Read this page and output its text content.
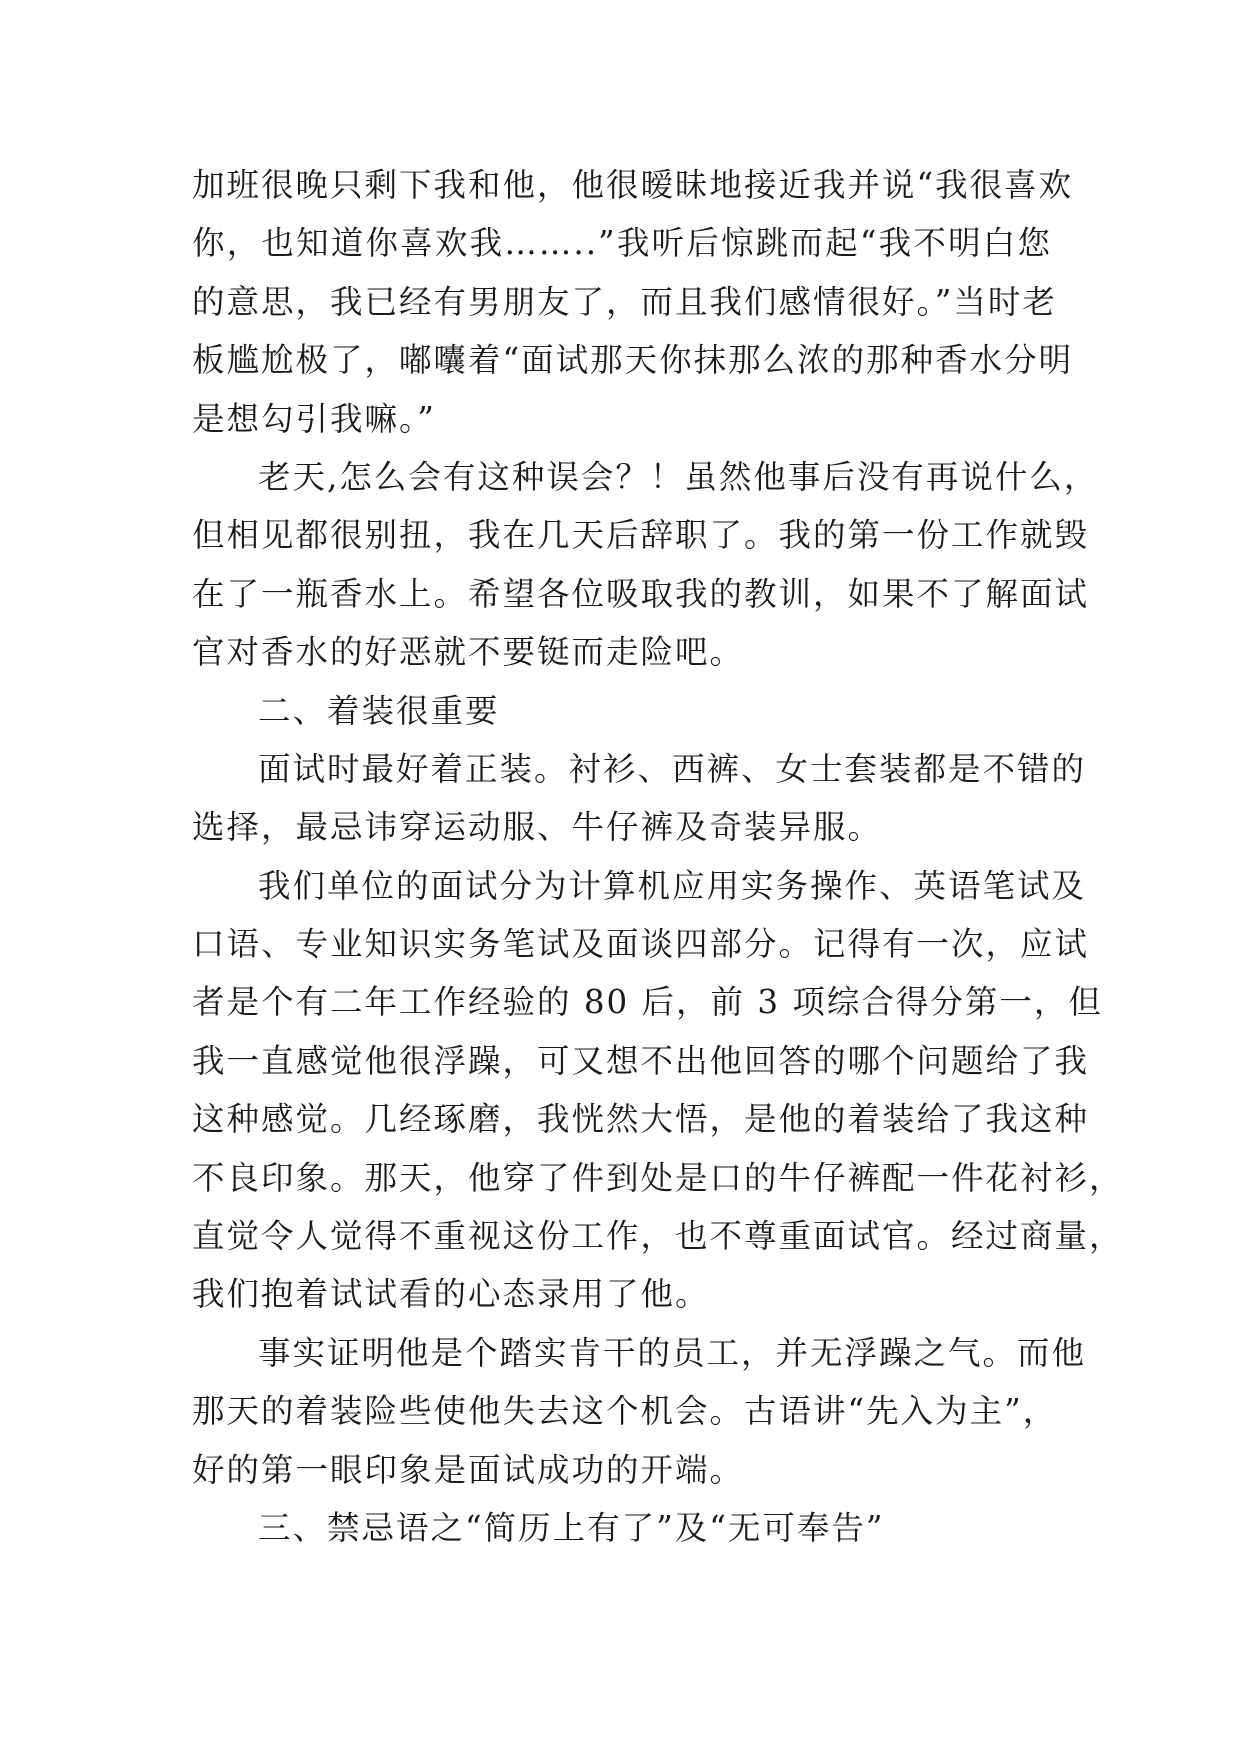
加班很晚只剩下我和他，他很暧昧地接近我并说“我很喜欢
你，也知道你喜欢我……..”我听后惊跳而起“我不明白您
的意思，我已经有男朋友了，而且我们感情很好。”当时老
板尴尬极了，嘟囔着“面试那天你抹那么浓的那种香水分明
是想勾引我嘛。”
老天,怎么会有这种误会？！虽然他事后没有再说什么，
但相见都很别扭，我在几天后辞职了。我的第一份工作就毁
在了一瓶香水上。希望各位吸取我的教训，如果不了解面试
官对香水的好恶就不要铤而走险吧。
二、着装很重要
面试时最好着正装。衬衫、西裤、女士套装都是不错的
选择，最忌讳穿运动服、牛仔裤及奇装异服。
我们单位的面试分为计算机应用实务操作、英语笔试及
口语、专业知识实务笔试及面谈四部分。记得有一次，应试
者是个有二年工作经验的 80 后，前 3 项综合得分第一，但
我一直感觉他很浮躁，可又想不出他回答的哪个问题给了我
这种感觉。几经琢磨，我恍然大悟，是他的着装给了我这种
不良印象。那天，他穿了件到处是口的牛仔裤配一件花衬衫，
直觉令人觉得不重视这份工作，也不尊重面试官。经过商量，
我们抱着试试看的心态录用了他。
事实证明他是个踏实肯干的员工，并无浮躁之气。而他
那天的着装险些使他失去这个机会。古语讲“先入为主”，
好的第一眼印象是面试成功的开端。
三、禁忌语之“简历上有了”及“无可奉告”
